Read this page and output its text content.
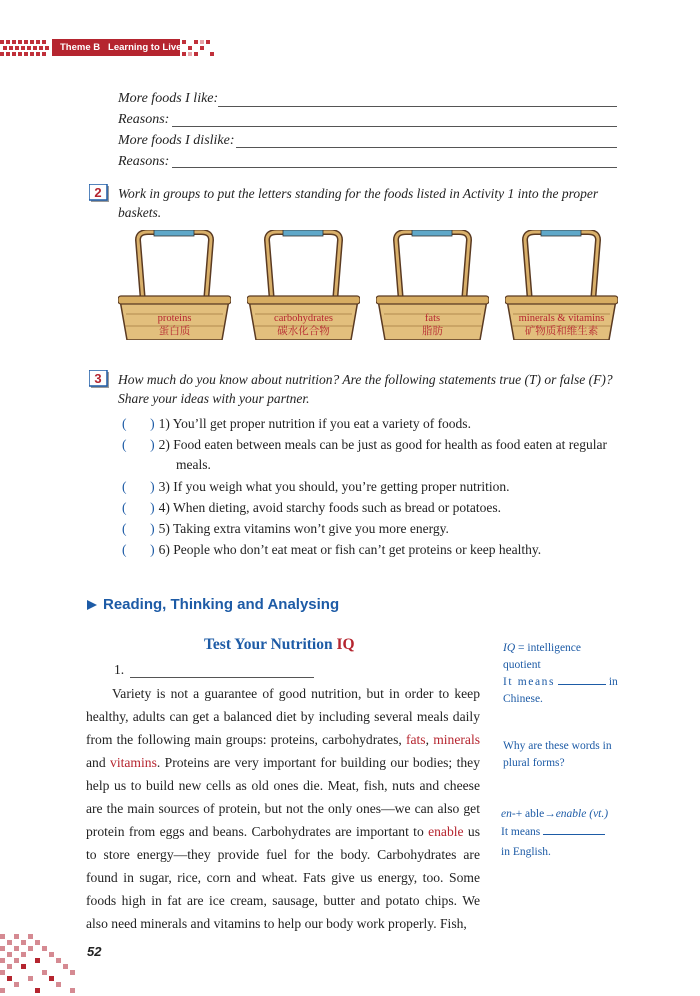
Theme B Learning to Live
More foods I like:
Reasons:
More foods I dislike:
Reasons:
2 Work in groups to put the letters standing for the foods listed in Activity 1 into the proper baskets.
proteins
蛋白质
carbohydrates
碳水化合物
fats
脂肪
minerals & vitamins
矿物质和维生素
3 How much do you know about nutrition? Are the following statements true (T) or false (F)? Share your ideas with your partner.
(       ) 1) You’ll get proper nutrition if you eat a variety of foods.
(       ) 2) Food eaten between meals can be just as good for health as food eaten at regular
meals.
(       ) 3) If you weigh what you should, you’re getting proper nutrition.
(       ) 4) When dieting, avoid starchy foods such as bread or potatoes.
(       ) 5) Taking extra vitamins won’t give you more energy.
(       ) 6) People who don’t eat meat or fish can’t get proteins or keep healthy.
Reading, Thinking and Analysing
Test Your Nutrition IQ
1.
Variety is not a guarantee of good nutrition, but in order to keep healthy, adults can get a balanced diet by including several meals daily from the following main groups: proteins, carbohydrates, fats, minerals and vitamins. Proteins are very important for building our bodies; they help us to build new cells as old ones die. Meat, fish, nuts and cheese are the main sources of protein, but not the only ones—we can also get protein from eggs and beans. Carbohydrates are important to enable us to store energy—they provide fuel for the body. Carbohydrates are found in sugar, rice, corn and wheat. Fats give us energy, too. Some foods high in fat are ice cream, sausage, butter and potato chips. We also need minerals and vitamins to help our body work properly. Fish,
IQ = intelligence quotient
It means	in Chinese.
Why are these words in plural forms?
en-+ able→enable (vt.)
It means
in English.
52
